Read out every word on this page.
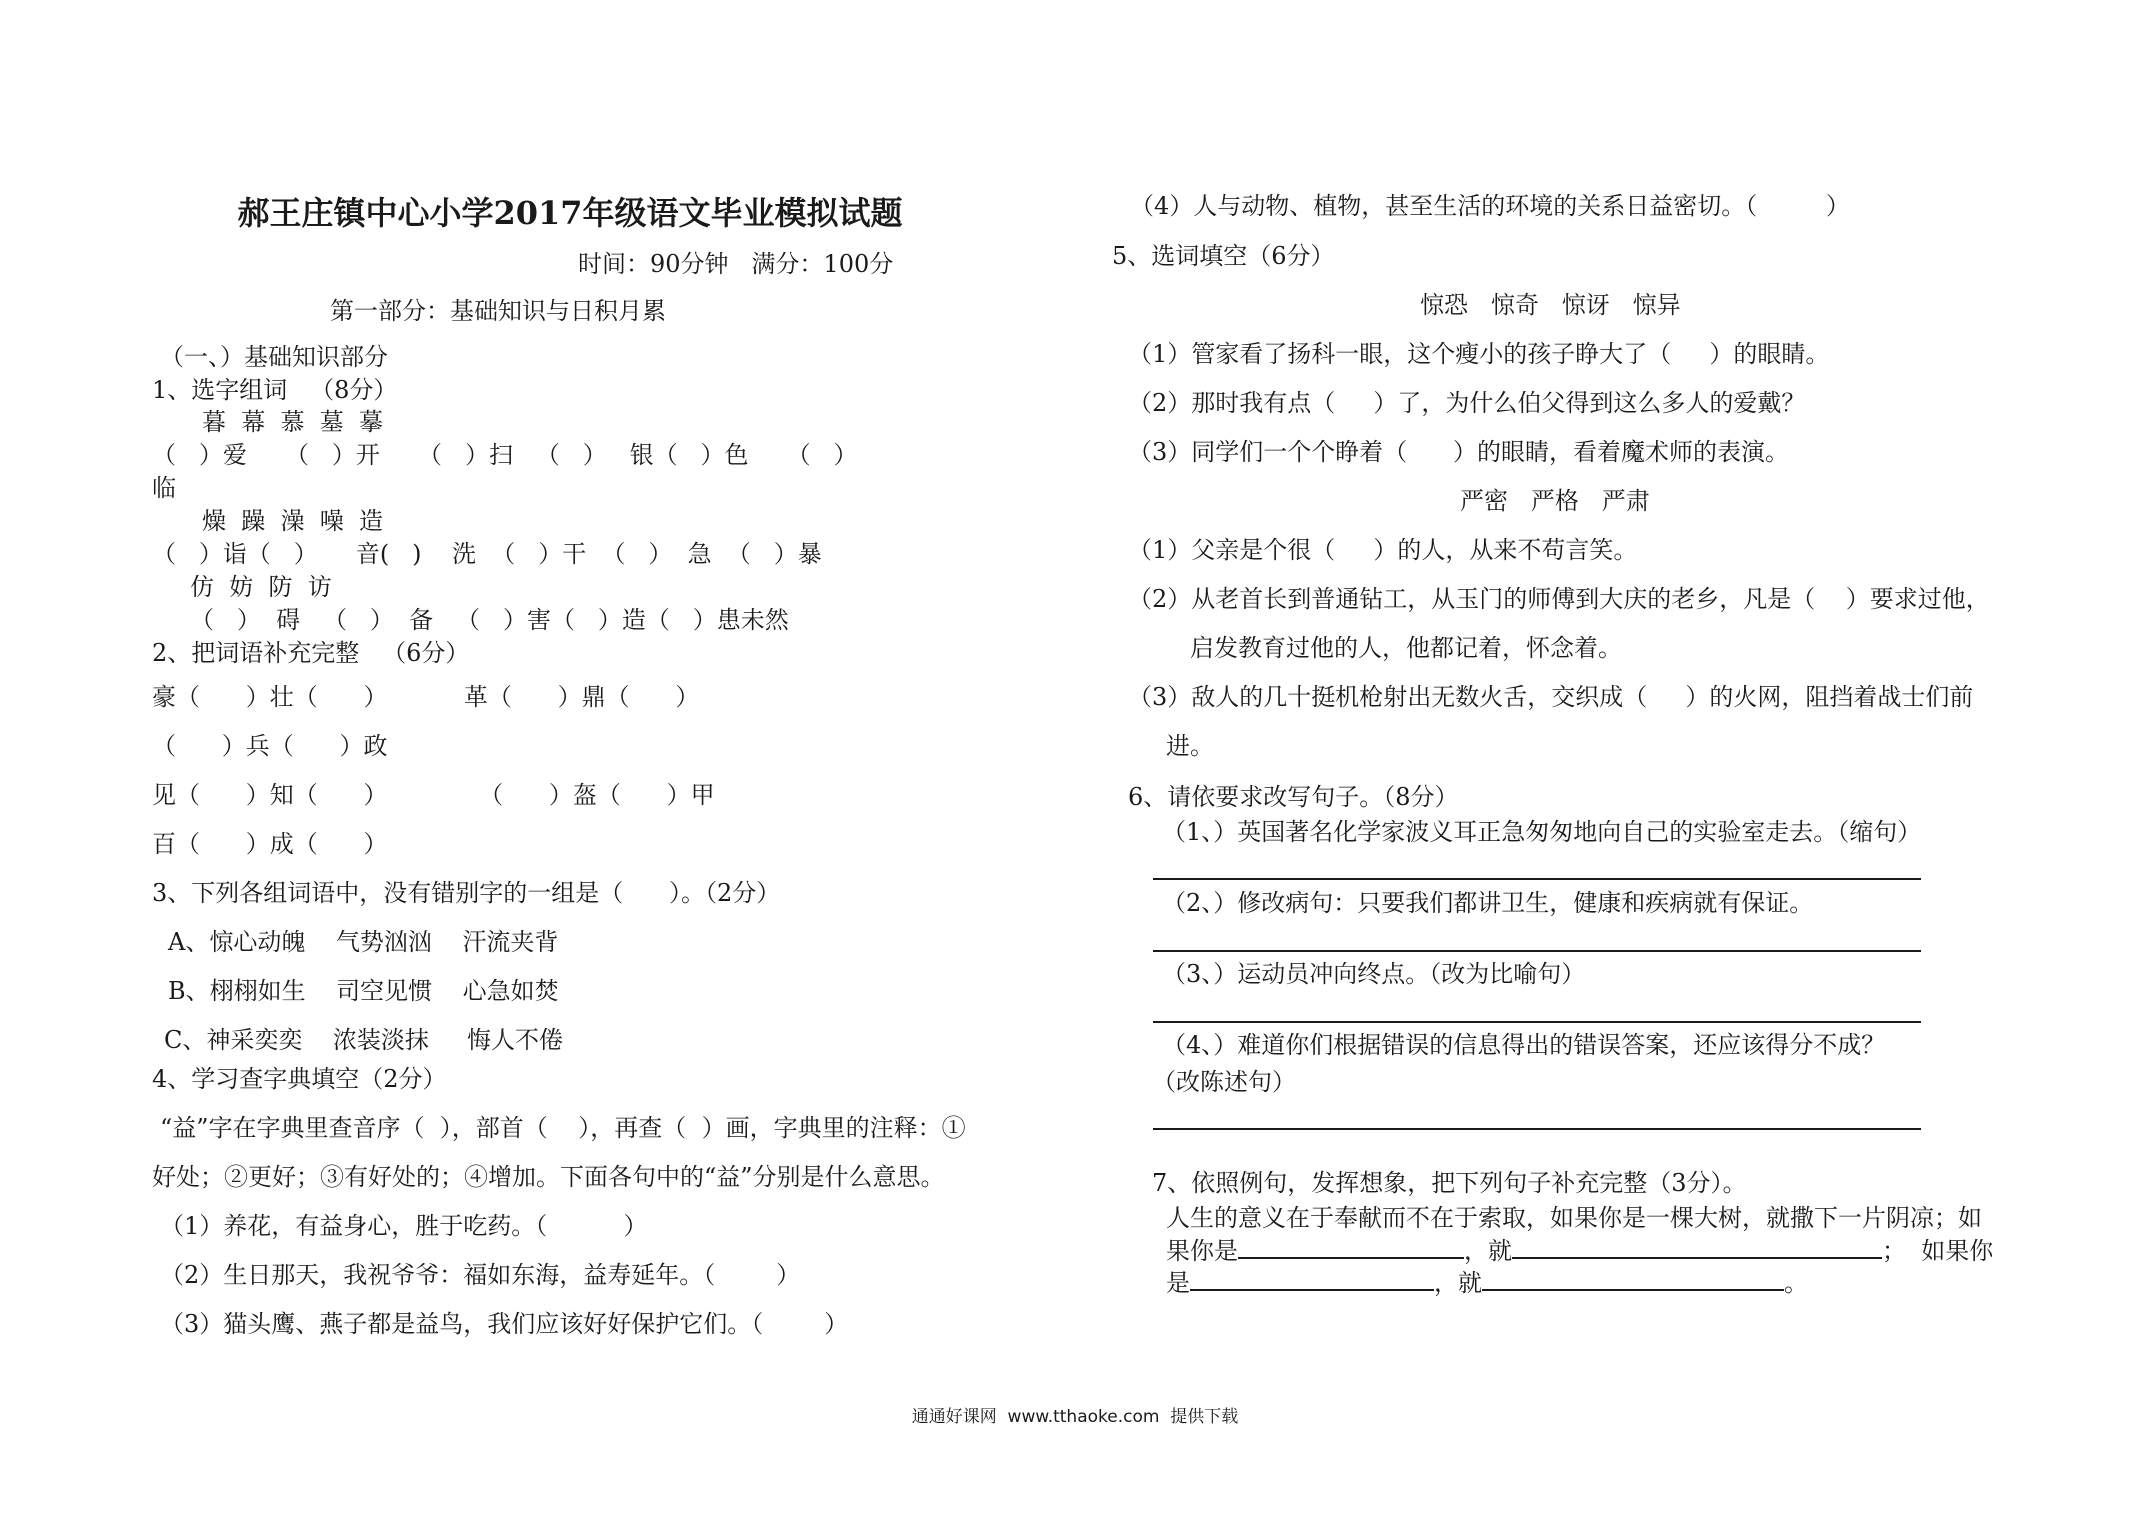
郝王庄镇中心小学2017年级语文毕业模拟试题
时间：90分钟   满分：100分
第一部分：基础知识与日积月累
（一、）基础知识部分
1、选字组词   （8分）
暮  幕  慕  墓  摹
（   ）爱     （   ）开     （   ）扫   （   ）   银（   ）色     （   ）
临
燥  躁  澡  噪  造
（   ）诣（   ）     音(   )    洗  （   ）干  （   ）  急  （   ）暴
仿  妨  防  访
（   ）  碍   （   ）  备   （   ）害（   ）造（   ）患未然
2、把词语补充完整   （6分）
豪（      ）壮（      ）          革（      ）鼎（      ）
（      ）兵（      ）政
见（      ）知（      ）            （      ）盔（      ）甲
百（      ）成（      ）
3、下列各组词语中，没有错别字的一组是（      ）。（2分）
A、惊心动魄    气势汹汹    汗流夹背
B、栩栩如生    司空见惯    心急如焚
C、神采奕奕    浓装淡抹     悔人不倦
4、学习查字典填空（2分）
“益”字在字典里查音序（  ），部首（    ），再查（  ）画，字典里的注释：①
好处；②更好；③有好处的；④增加。下面各句中的“益”分别是什么意思。
（1）养花，有益身心，胜于吃药。（          ）
（2）生日那天，我祝爷爷：福如东海，益寿延年。（        ）
（3）猫头鹰、燕子都是益鸟，我们应该好好保护它们。（        ）
（4）人与动物、植物，甚至生活的环境的关系日益密切。（         ）
5、选词填空（6分）
惊恐   惊奇   惊讶   惊异
（1）管家看了扬科一眼，这个瘦小的孩子睁大了（     ）的眼睛。
（2）那时我有点（     ）了，为什么伯父得到这么多人的爱戴？
（3）同学们一个个睁着（      ）的眼睛，看着魔术师的表演。
严密   严格   严肃
（1）父亲是个很（     ）的人，从来不苟言笑。
（2）从老首长到普通钻工，从玉门的师傅到大庆的老乡，凡是（    ）要求过他，
启发教育过他的人，他都记着，怀念着。
（3）敌人的几十挺机枪射出无数火舌，交织成（     ）的火网，阻挡着战士们前
进。
6、请依要求改写句子。（8分）
（1、）英国著名化学家波义耳正急匆匆地向自己的实验室走去。（缩句）
（2、）修改病句：只要我们都讲卫生，健康和疾病就有保证。
（3、）运动员冲向终点。（改为比喻句）
（4、）难道你们根据错误的信息得出的错误答案，还应该得分不成？
（改陈述句）
7、依照例句，发挥想象，把下列句子补充完整（3分）。
人生的意义在于奉献而不在于索取，如果你是一棵大树，就撒下一片阴凉；如
果你是	，就	；  如果你
是	，就	。
通通好课网  www.tthaoke.com  提供下载
